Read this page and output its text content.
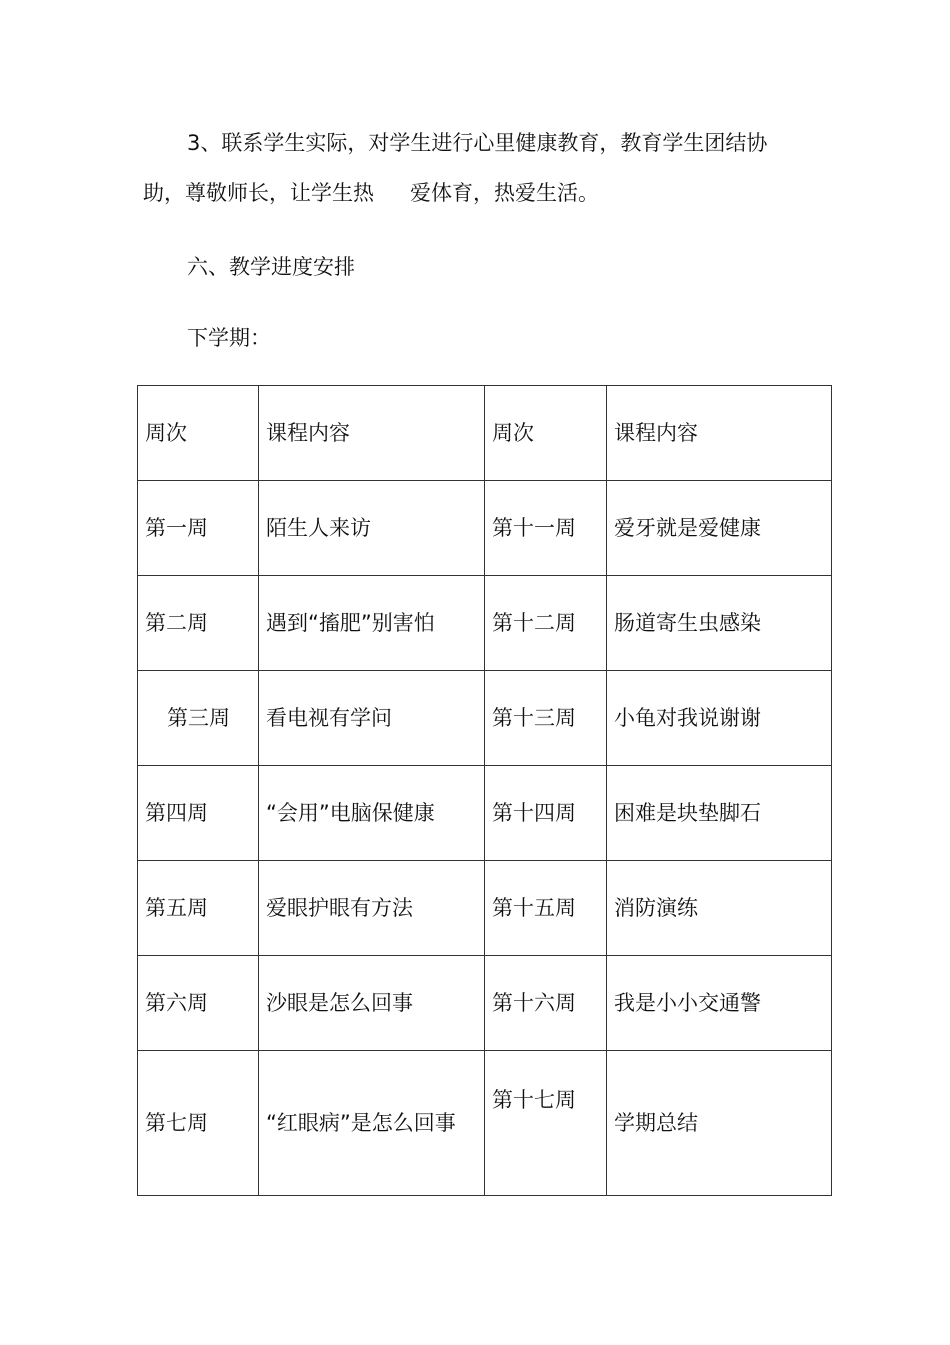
3、联系学生实际，对学生进行心里健康教育，教育学生团结协
助，尊敬师长，让学生热 爱体育，热爱生活。
六、教学进度安排
下学期：
周次	课程内容	周次	课程内容
第一周	陌生人来访	第十一周	爱牙就是爱健康
第二周	遇到“搐肥”别害怕	第十二周	肠道寄生虫感染
第三周	看电视有学问	第十三周	小龟对我说谢谢
第四周	“会用”电脑保健康	第十四周	困难是块垫脚石
第五周	爱眼护眼有方法	第十五周	消防演练
第六周	沙眼是怎么回事	第十六周	我是小小交通警
第七周	“红眼病”是怎么回事	第十七周	学期总结
